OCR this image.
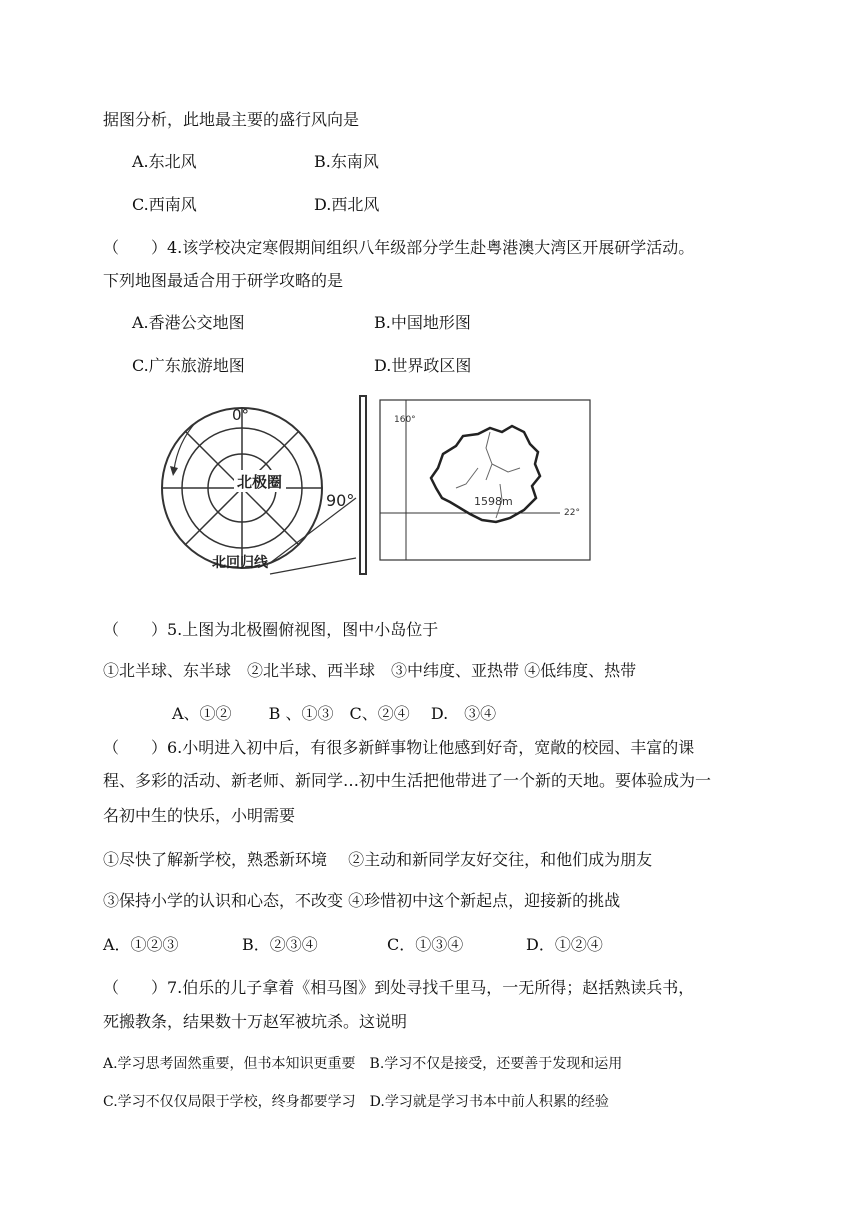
据图分析，此地最主要的盛行风向是
A.东北风	B.东南风
C.西南风	D.西北风
（　　）4.该学校决定寒假期间组织八年级部分学生赴粤港澳大湾区开展研学活动。
下列地图最适合用于研学攻略的是
A.香港公交地图	B.中国地形图
C.广东旅游地图	D.世界政区图
0°
90°
北极圈
北回归线
160°
22°
1598m
（　　）5.上图为北极圈俯视图，图中小岛位于
①北半球、东半球　②北半球、西半球　③中纬度、亚热带 ④低纬度、热带
A、①②　　 B 、①③　C、②④　 D.　③④
（　　）6.小明进入初中后，有很多新鲜事物让他感到好奇，宽敞的校园、丰富的课
程、多彩的活动、新老师、新同学…初中生活把他带进了一个新的天地。要体验成为一
名初中生的快乐，小明需要
①尽快了解新学校，熟悉新环境　 ②主动和新同学友好交往，和他们成为朋友
③保持小学的认识和心态，不改变 ④珍惜初中这个新起点，迎接新的挑战
A．①②③	B．②③④	C．①③④	D．①②④
（　　）7.伯乐的儿子拿着《相马图》到处寻找千里马，一无所得；赵括熟读兵书，
死搬教条，结果数十万赵军被坑杀。这说明
A.学习思考固然重要，但书本知识更重要　B.学习不仅是接受，还要善于发现和运用
C.学习不仅仅局限于学校，终身都要学习　D.学习就是学习书本中前人积累的经验
